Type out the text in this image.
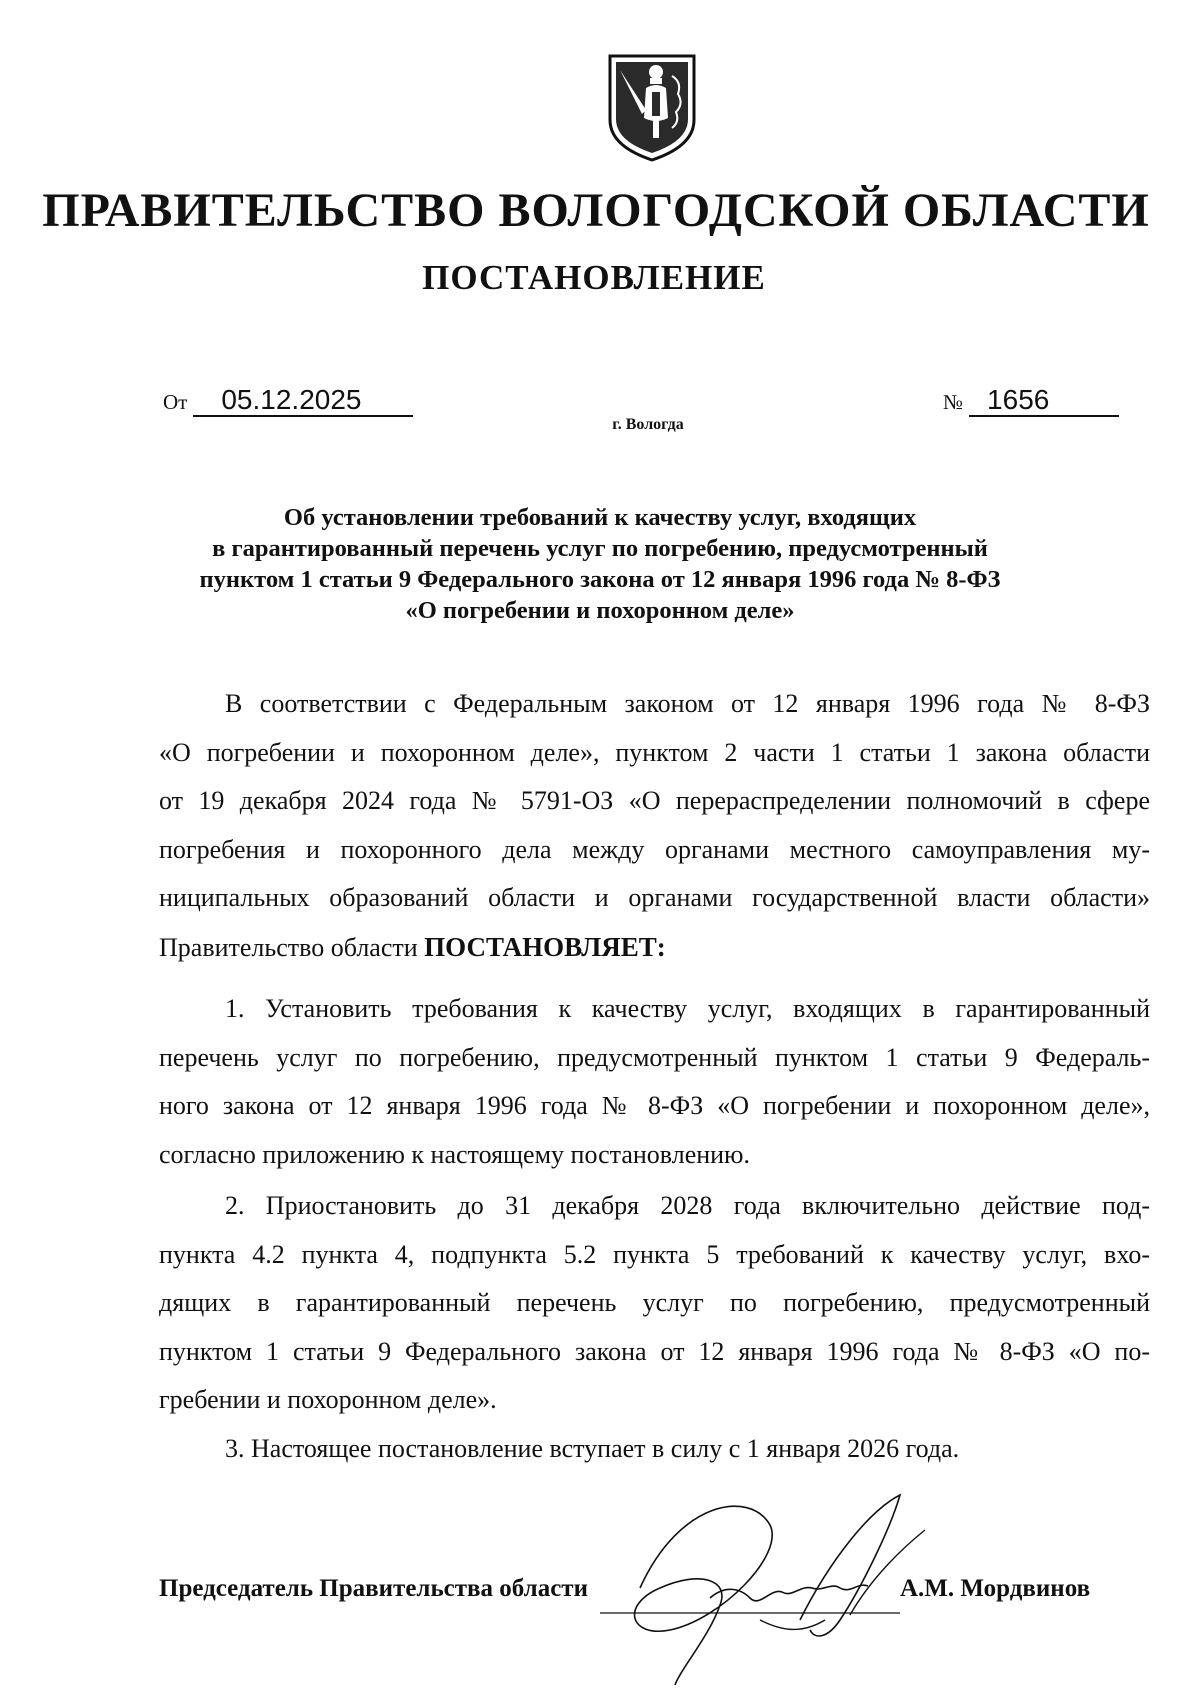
ПРАВИТЕЛЬСТВО ВОЛОГОДСКОЙ ОБЛАСТИ
ПОСТАНОВЛЕНИЕ
От 05.12.2025	№ 1656
г. Вологда
Об установлении требований к качеству услуг, входящих
в гарантированный перечень услуг по погребению, предусмотренный
пунктом 1 статьи 9 Федерального закона от 12 января 1996 года № 8-ФЗ
«О погребении и похоронном деле»
В соответствии с Федеральным законом от 12 января 1996 года № 8-ФЗ
«О погребении и похоронном деле», пунктом 2 части 1 статьи 1 закона области
от 19 декабря 2024 года № 5791-ОЗ «О перераспределении полномочий в сфере
погребения и похоронного дела между органами местного самоуправления му-
ниципальных образований области и органами государственной власти области»
Правительство области ПОСТАНОВЛЯЕТ:
1. Установить требования к качеству услуг, входящих в гарантированный
перечень услуг по погребению, предусмотренный пунктом 1 статьи 9 Федераль-
ного закона от 12 января 1996 года № 8-ФЗ «О погребении и похоронном деле»,
согласно приложению к настоящему постановлению.
2. Приостановить до 31 декабря 2028 года включительно действие под-
пункта 4.2 пункта 4, подпункта 5.2 пункта 5 требований к качеству услуг, вхо-
дящих в гарантированный перечень услуг по погребению, предусмотренный
пунктом 1 статьи 9 Федерального закона от 12 января 1996 года № 8-ФЗ «О по-
гребении и похоронном деле».
3. Настоящее постановление вступает в силу с 1 января 2026 года.
Председатель Правительства области	А.М. Мордвинов
